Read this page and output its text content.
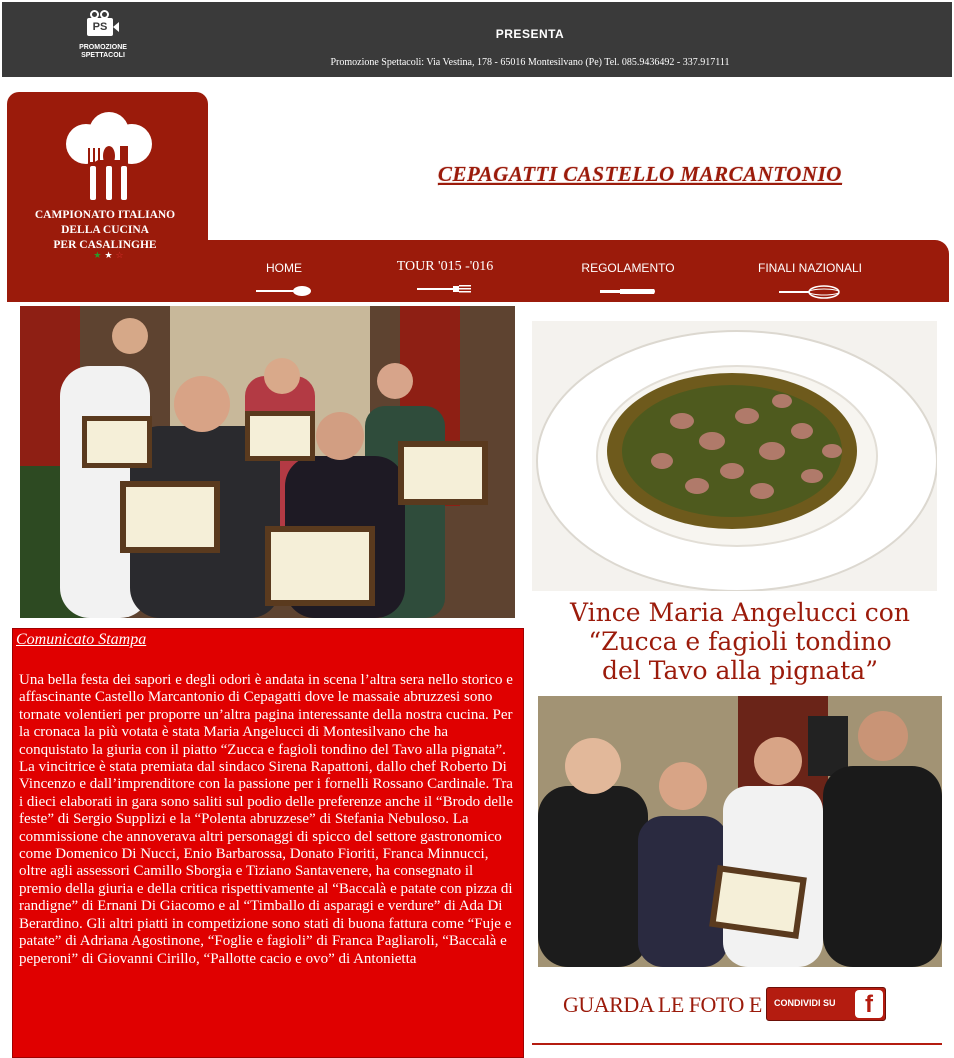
PS
PROMOZIONE
SPETTACOLI
PRESENTA
Promozione Spettacoli: Via Vestina, 178 - 65016 Montesilvano (Pe) Tel. 085.9436492 - 337.917111
CAMPIONATO ITALIANO
DELLA CUCINA
PER CASALINGHE
★★☆
CEPAGATTI CASTELLO MARCANTONIO
HOME	TOUR '015 -'016	REGOLAMENTO	FINALI NAZIONALI
Vince Maria Angelucci con
“Zucca e fagioli tondino
del Tavo alla pignata”
Comunicato Stampa
Una bella festa dei sapori e degli odori è andata in scena l’altra sera nello storico e affascinante Castello Marcantonio di Cepagatti dove le massaie abruzzesi sono tornate volentieri per proporre un’altra pagina interessante della nostra cucina. Per la cronaca la più votata è stata Maria Angelucci di Montesilvano che ha conquistato la giuria con il piatto “Zucca e fagioli tondino del Tavo alla pignata”. La vincitrice è stata premiata dal sindaco Sirena Rapattoni, dallo chef Roberto Di Vincenzo e dall’imprenditore con la passione per i fornelli Rossano Cardinale. Tra i dieci elaborati in gara sono saliti sul podio delle preferenze anche il “Brodo delle feste” di Sergio Supplizi e la “Polenta abruzzese” di Stefania Nebuloso. La commissione che annoverava altri personaggi di spicco del settore gastronomico come Domenico Di Nucci, Enio Barbarossa, Donato Fioriti, Franca Minnucci, oltre agli assessori Camillo Sborgia e Tiziano Santavenere, ha consegnato il premio della giuria e della critica rispettivamente al “Baccalà e patate con pizza di randigne” di Ernani Di Giacomo e al “Timballo di asparagi e verdure” di Ada Di Berardino. Gli altri piatti in competizione sono stati di buona fattura come “Fuje e patate” di Adriana Agostinone, “Foglie e fagioli” di Franca Pagliaroli, “Baccalà e peperoni” di Giovanni Cirillo, “Pallotte cacio e ovo” di Antonietta
GUARDA LE FOTO E CONDIVIDI SU	f
